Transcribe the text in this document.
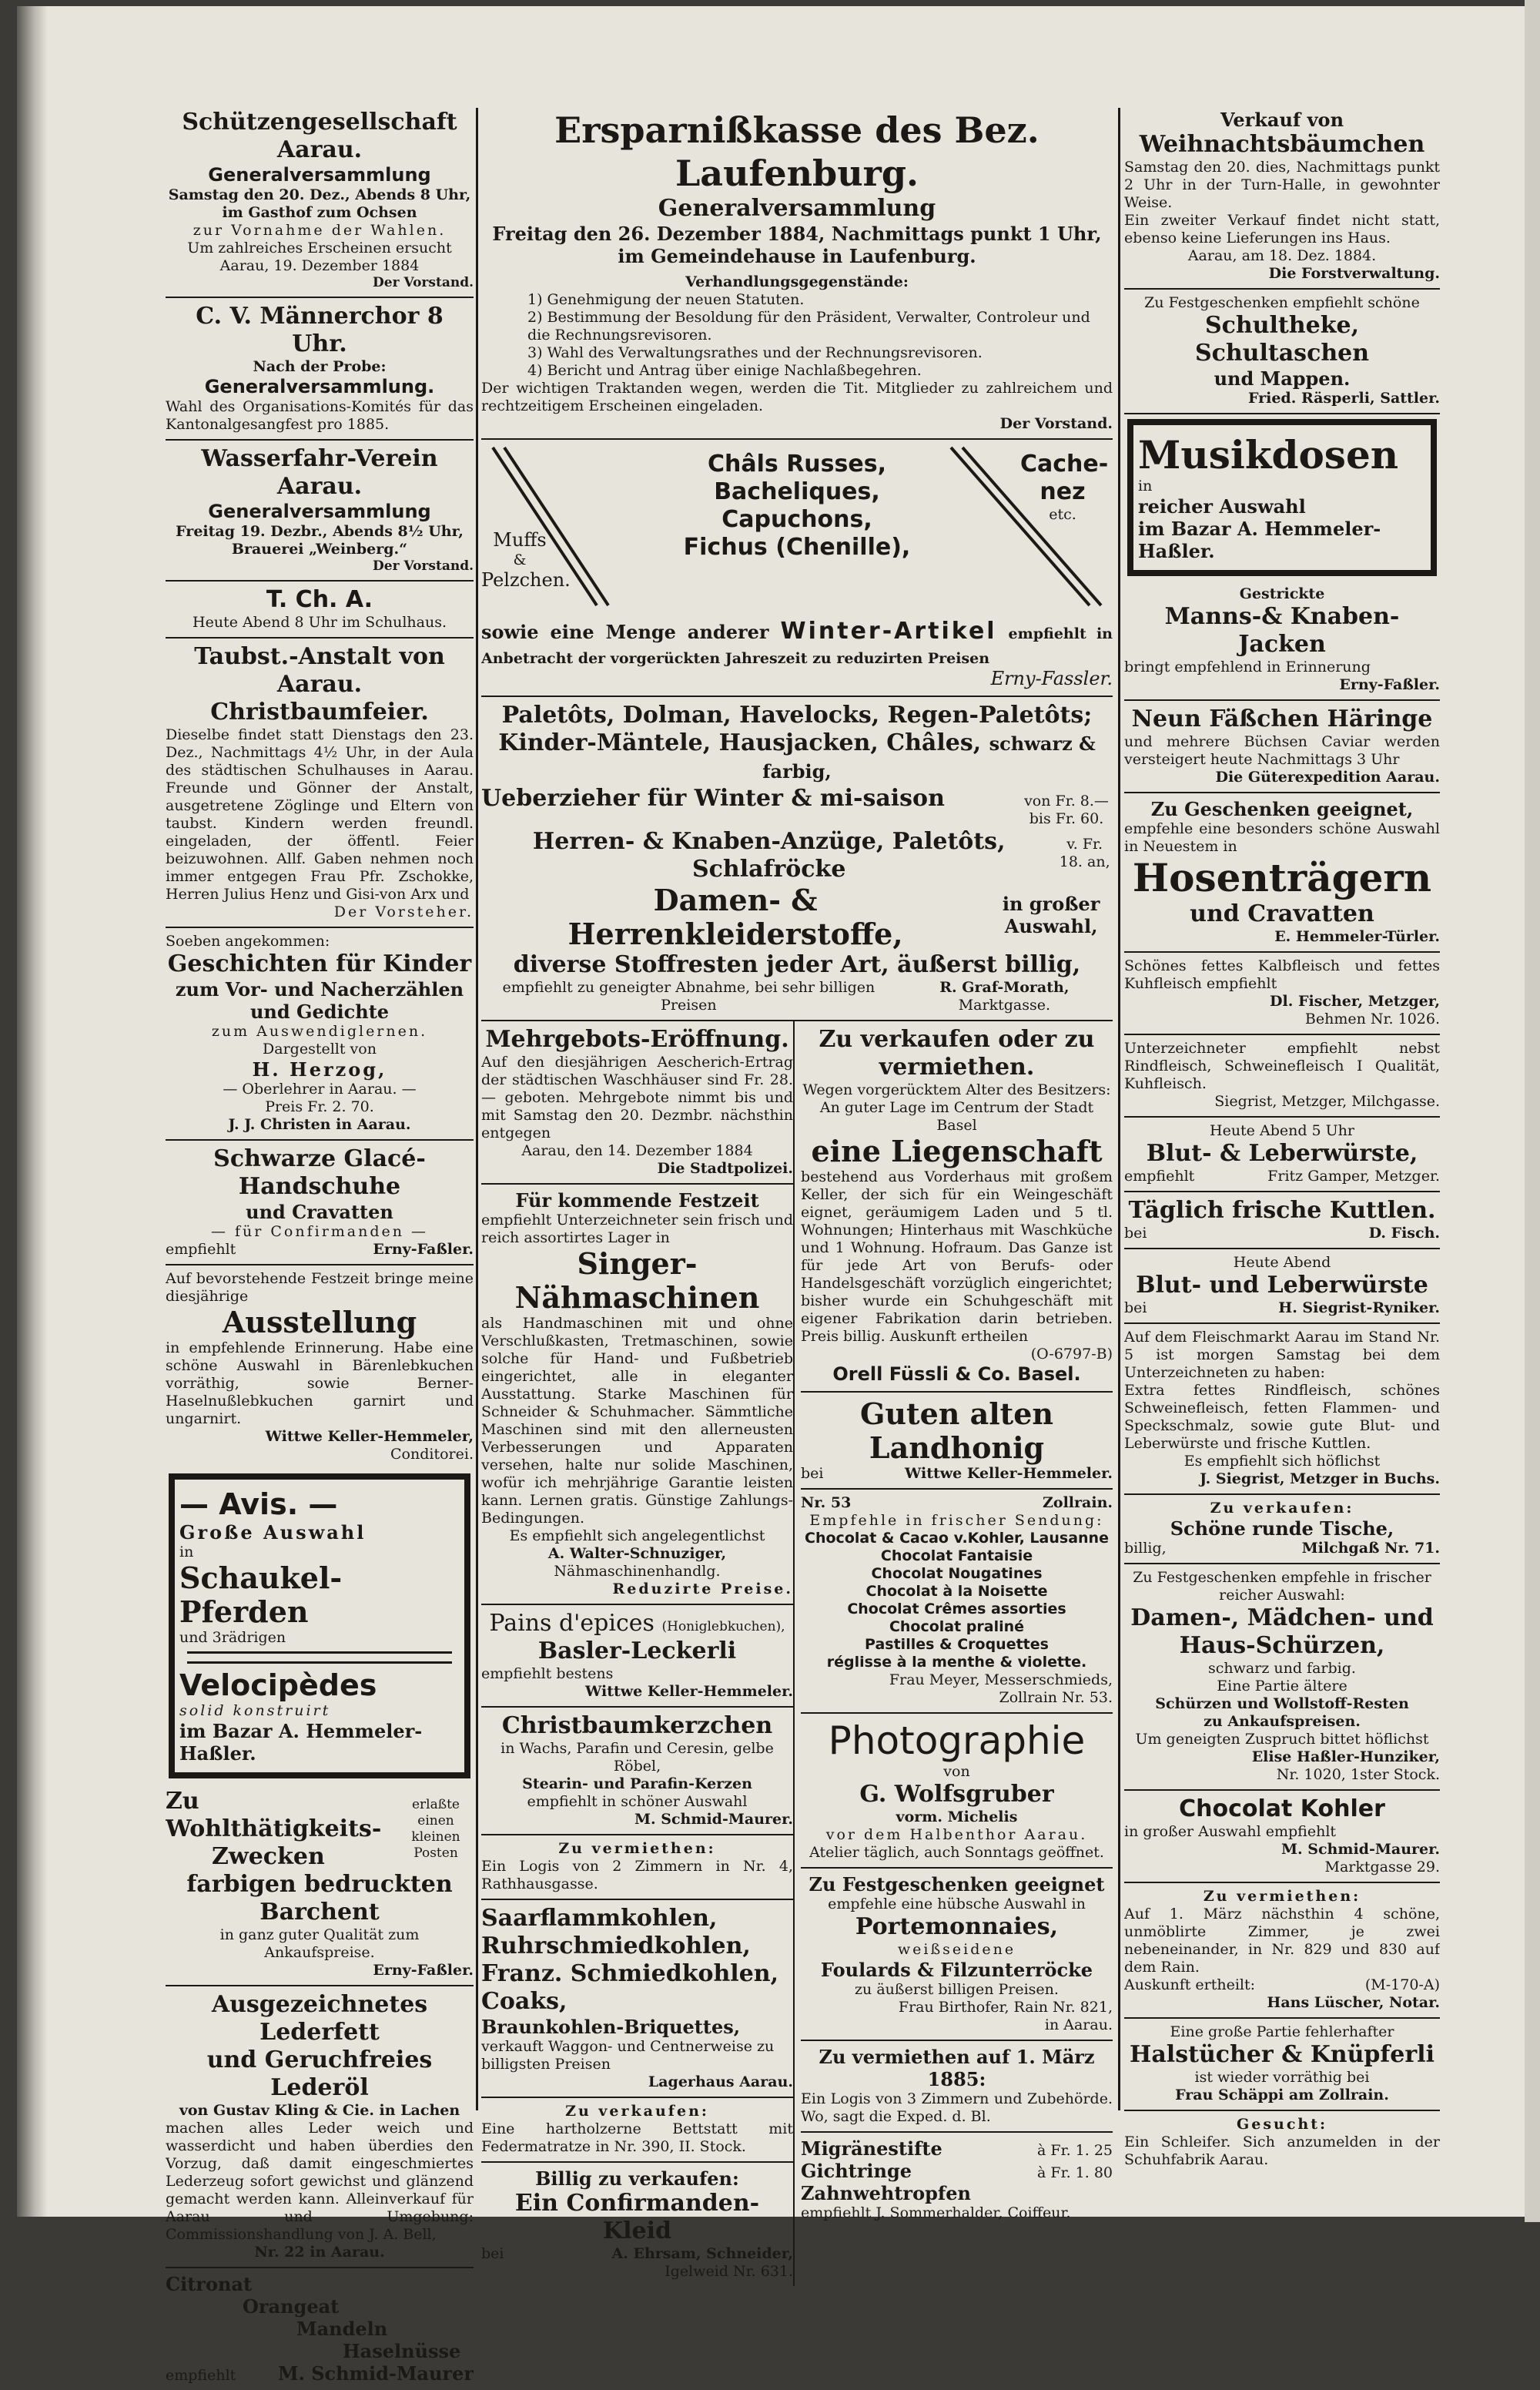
Schützengesellschaft Aarau.
Generalversammlung

Samstag den 20. Dez., Abends 8 Uhr,

im Gasthof zum Ochsen

zur Vornahme der Wahlen.

Um zahlreiches Erscheinen ersucht

Aarau, 19. Dezember 1884

Der Vorstand.

C. V. Männerchor 8 Uhr.

Nach der Probe:

Generalversammlung.

Wahl des Organisations-Komités für das Kantonalgesangfest pro 1885.

Wasserfahr-Verein Aarau.
Generalversammlung

Freitag 19. Dezbr., Abends 8½ Uhr, Brauerei „Weinberg.“

Der Vorstand.

T. Ch. A.

Heute Abend 8 Uhr im Schulhaus.

Taubst.-Anstalt von Aarau.
Christbaumfeier.

Dieselbe findet statt Dienstags den 23. Dez., Nachmittags 4½ Uhr, in der Aula des städtischen Schulhauses in Aarau. Freunde und Gönner der Anstalt, ausgetretene Zöglinge und Eltern von taubst. Kindern werden freundl. eingeladen, der öffentl. Feier beizuwohnen. Allf. Gaben nehmen noch immer entgegen Frau Pfr. Zschokke, Herren Julius Henz und Gisi-von Arx und

Der Vorsteher.

Soeben angekommen:

Geschichten für Kinder
zum Vor- und Nacherzählen
und Gedichte

zum Auswendiglernen.

Dargestellt von

H. Herzog,

— Oberlehrer in Aarau. —

Preis Fr. 2. 70.

J. J. Christen in Aarau.

Schwarze Glacé-Handschuhe
und Cravatten

— für Confirmanden —

empfiehlt	Erny-Faßler.

Auf bevorstehende Festzeit bringe meine diesjährige

Ausstellung

in empfehlende Erinnerung. Habe eine schöne Auswahl in Bärenlebkuchen vorräthig, sowie Berner-Haselnußlebkuchen garnirt und ungarnirt.

Wittwe Keller-Hemmeler,

Conditorei.

— Avis. —

Große Auswahl

in

Schaukel-Pferden

und 3rädrigen

Velocipèdes

solid konstruirt

im Bazar A. Hemmeler-Haßler.

Zu Wohlthätigkeits-
Zwecken
erlaßte einen kleinen Posten
farbigen bedruckten Barchent

in ganz guter Qualität zum Ankaufspreise.

Erny-Faßler.

Ausgezeichnetes Lederfett
und Geruchfreies Lederöl

von Gustav Kling & Cie. in Lachen

machen alles Leder weich und wasserdicht und haben überdies den Vorzug, daß damit eingeschmiertes Lederzeug sofort gewichst und glänzend gemacht werden kann. Alleinverkauf für Aarau und Umgebung: Commissionshandlung von J. A. Bell,

Nr. 22 in Aarau.

Citronat

Orangeat

Mandeln

Haselnüsse

empfiehlt M. Schmid-Maurer
Ersparnißkasse des Bez. Laufenburg.
Generalversammlung

Freitag den 26. Dezember 1884, Nachmittags punkt 1 Uhr,

im Gemeindehause in Laufenburg.

Verhandlungsgegenstände:

1) Genehmigung der neuen Statuten.

2) Bestimmung der Besoldung für den Präsident, Verwalter, Controleur und die Rechnungsrevisoren.

3) Wahl des Verwaltungsrathes und der Rechnungsrevisoren.

4) Bericht und Antrag über einige Nachlaßbegehren.

Der wichtigen Traktanden wegen, werden die Tit. Mitglieder zu zahlreichem und rechtzeitigem Erscheinen eingeladen.

Der Vorstand.

Muffs

&

Pelzchen.

Châls Russes,
Bacheliques,
Capuchons,
Fichus (Chenille),

Cache-

nez

etc.

sowie eine Menge anderer Winter-Artikel empfiehlt in Anbetracht der vorgerückten Jahreszeit zu reduzirten Preisen

Erny-Fassler.

Paletôts, Dolman, Havelocks, Regen-Paletôts;

Kinder-Mäntele, Hausjacken, Châles, schwarz & farbig,

Ueberzieher für Winter & mi-saison	von Fr. 8.— bis Fr. 60.
Herren- & Knaben-Anzüge, Paletôts, Schlafröcke
v. Fr. 18. an,
Damen- & Herrenkleiderstoffe,
in großer Auswahl,
diverse Stoffresten jeder Art, äußerst billig,
empfiehlt zu geneigter Abnahme, bei sehr billigen Preisen
R. Graf-Morath, Marktgasse.
Mehrgebots-Eröffnung.

Auf den diesjährigen Aescherich-Ertrag der städtischen Waschhäuser sind Fr. 28.— geboten. Mehrgebote nimmt bis und mit Samstag den 20. Dezmbr. nächsthin entgegen

Aarau, den 14. Dezember 1884

Die Stadtpolizei.

Für kommende Festzeit

empfiehlt Unterzeichneter sein frisch und reich assortirtes Lager in

Singer-Nähmaschinen

als Handmaschinen mit und ohne Verschlußkasten, Tretmaschinen, sowie solche für Hand- und Fußbetrieb eingerichtet, alle in eleganter Ausstattung. Starke Maschinen für Schneider & Schuhmacher. Sämmtliche Maschinen sind mit den allerneusten Verbesserungen und Apparaten versehen, halte nur solide Maschinen, wofür ich mehrjährige Garantie leisten kann. Lernen gratis. Günstige Zahlungs-Bedingungen.

Es empfiehlt sich angelegentlichst

A. Walter-Schnuziger,

Nähmaschinenhandlg.

Reduzirte Preise.

Pains d'epices (Honiglebkuchen),

Basler-Leckerli

empfiehlt bestens

Wittwe Keller-Hemmeler.

Christbaumkerzchen

in Wachs, Parafin und Ceresin, gelbe Röbel,

Stearin- und Parafin-Kerzen

empfiehlt in schöner Auswahl

M. Schmid-Maurer.

Zu vermiethen:

Ein Logis von 2 Zimmern in Nr. 4, Rathhausgasse.

Saarflammkohlen,
Ruhrschmiedkohlen,
Franz. Schmiedkohlen,
Coaks,
Braunkohlen-Briquettes,

verkauft Waggon- und Centnerweise zu billigsten Preisen

Lagerhaus Aarau.

Zu verkaufen:

Eine hartholzerne Bettstatt mit Federmatratze in Nr. 390, II. Stock.

Billig zu verkaufen:

Ein Confirmanden-Kleid
bei	A. Ehrsam, Schneider,

Igelweid Nr. 631.

Zu verkaufen oder zu vermiethen.

Wegen vorgerücktem Alter des Besitzers:

An guter Lage im Centrum der Stadt Basel

eine Liegenschaft

bestehend aus Vorderhaus mit großem Keller, der sich für ein Weingeschäft eignet, geräumigem Laden und 5 tl. Wohnungen; Hinterhaus mit Waschküche und 1 Wohnung. Hofraum. Das Ganze ist für jede Art von Berufs- oder Handelsgeschäft vorzüglich eingerichtet; bisher wurde ein Schuhgeschäft mit eigener Fabrikation darin betrieben. Preis billig. Auskunft ertheilen

(O-6797-B)

Orell Füssli & Co. Basel.

Guten alten Landhonig
bei	Wittwe Keller-Hemmeler.
Nr. 53	Zollrain.

Empfehle in frischer Sendung:

Chocolat & Cacao v.Kohler, Lausanne

Chocolat Fantaisie

Chocolat Nougatines

Chocolat à la Noisette

Chocolat Crêmes assorties

Chocolat praliné

Pastilles & Croquettes

réglisse à la menthe & violette.

Frau Meyer, Messerschmieds,

Zollrain Nr. 53.

Photographie

von

G. Wolfsgruber

vorm. Michelis

vor dem Halbenthor Aarau.

Atelier täglich, auch Sonntags geöffnet.

Zu Festgeschenken geeignet

empfehle eine hübsche Auswahl in

Portemonnaies,

weißseidene

Foulards & Filzunterröcke

zu äußerst billigen Preisen.

Frau Birthofer, Rain Nr. 821,

in Aarau.

Zu vermiethen auf 1. März 1885:

Ein Logis von 3 Zimmern und Zubehörde. Wo, sagt die Exped. d. Bl.

Migränestifte	à Fr. 1. 25
Gichtringe	à Fr. 1. 80

Zahnwehtropfen

empfiehlt J. Sommerhalder, Coiffeur.

Verkauf von
Weihnachtsbäumchen

Samstag den 20. dies, Nachmittags punkt 2 Uhr in der Turn-Halle, in gewohnter Weise.

Ein zweiter Verkauf findet nicht statt, ebenso keine Lieferungen ins Haus.

Aarau, am 18. Dez. 1884.

Die Forstverwaltung.

Zu Festgeschenken empfiehlt schöne

Schultheke, Schultaschen
und Mappen.

Fried. Räsperli, Sattler.

Musikdosen

in

reicher Auswahl

im Bazar A. Hemmeler-Haßler.

Gestrickte

Manns-& Knaben-Jacken

bringt empfehlend in Erinnerung

Erny-Faßler.

Neun Fäßchen Häringe

und mehrere Büchsen Caviar werden versteigert heute Nachmittags 3 Uhr

Die Güterexpedition Aarau.

Zu Geschenken geeignet,

empfehle eine besonders schöne Auswahl in Neuestem in

Hosenträgern
und Cravatten

E. Hemmeler-Türler.

Schönes fettes Kalbfleisch und fettes Kuhfleisch empfiehlt

Dl. Fischer, Metzger,

Behmen Nr. 1026.

Unterzeichneter empfiehlt nebst Rindfleisch, Schweinefleisch I Qualität, Kuhfleisch.

Siegrist, Metzger, Milchgasse.

Heute Abend 5 Uhr

Blut- & Leberwürste,
empfiehlt	Fritz Gamper, Metzger.
Täglich frische Kuttlen.
bei	D. Fisch.

Heute Abend

Blut- und Leberwürste
bei	H. Siegrist-Ryniker.

Auf dem Fleischmarkt Aarau im Stand Nr. 5 ist morgen Samstag bei dem Unterzeichneten zu haben:

Extra fettes Rindfleisch, schönes Schweinefleisch, fetten Flammen- und Speckschmalz, sowie gute Blut- und Leberwürste und frische Kuttlen.

Es empfiehlt sich höflichst

J. Siegrist, Metzger in Buchs.

Zu verkaufen:

Schöne runde Tische,
billig,	Milchgaß Nr. 71.

Zu Festgeschenken empfehle in frischer reicher Auswahl:

Damen-, Mädchen- und
Haus-Schürzen,

schwarz und farbig.

Eine Partie ältere

Schürzen und Wollstoff-Resten

zu Ankaufspreisen.

Um geneigten Zuspruch bittet höflichst

Elise Haßler-Hunziker,

Nr. 1020, 1ster Stock.

Chocolat Kohler

in großer Auswahl empfiehlt

M. Schmid-Maurer.

Marktgasse 29.

Zu vermiethen:

Auf 1. März nächsthin 4 schöne, unmöblirte Zimmer, je zwei nebeneinander, in Nr. 829 und 830 auf dem Rain.

Auskunft ertheilt:	(M-170-A)

Hans Lüscher, Notar.

Eine große Partie fehlerhafter

Halstücher & Knüpferli

ist wieder vorräthig bei

Frau Schäppi am Zollrain.

Gesucht:

Ein Schleifer. Sich anzumelden in der Schuhfabrik Aarau.
